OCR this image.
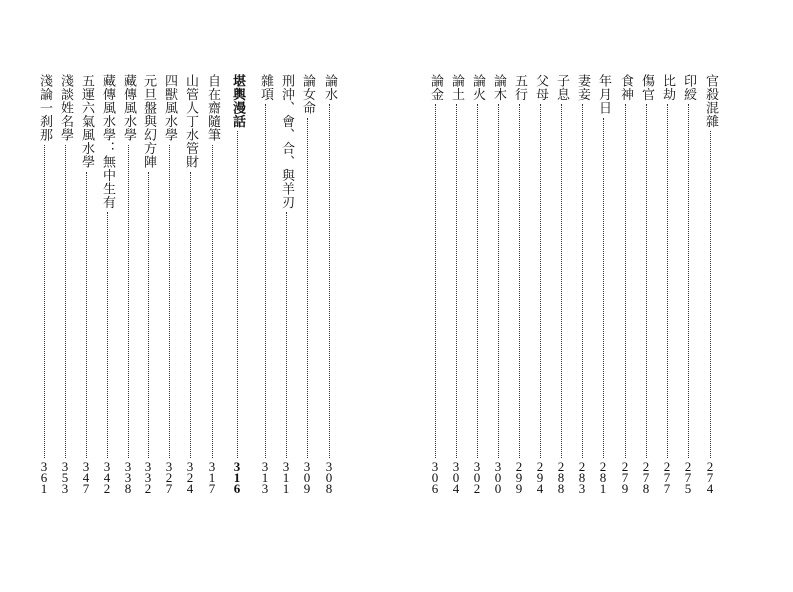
論水
3
0
8
論女命
3
0
9
刑沖、會、合、與羊刃
3
1
1
雜項
3
1
3
堪輿漫話
3
1
6
自在齋隨筆
3
1
7
山管人丁水管財
3
2
4
四獸風水學
3
2
7
元旦盤與幻方陣
3
3
2
藏傳風水學
3
3
8
藏傳風水學：無中生有
3
4
2
五運六氣風水學
3
4
7
淺談姓名學
3
5
3
淺論一刹那
3
6
1
官殺混雜
2
7
4
印綬
2
7
5
比劫
2
7
7
傷官
2
7
8
食神
2
7
9
年月日
2
8
1
妻妾
2
8
3
子息
2
8
8
父母
2
9
4
五行
2
9
9
論木
3
0
0
論火
3
0
2
論土
3
0
4
論金
3
0
6
